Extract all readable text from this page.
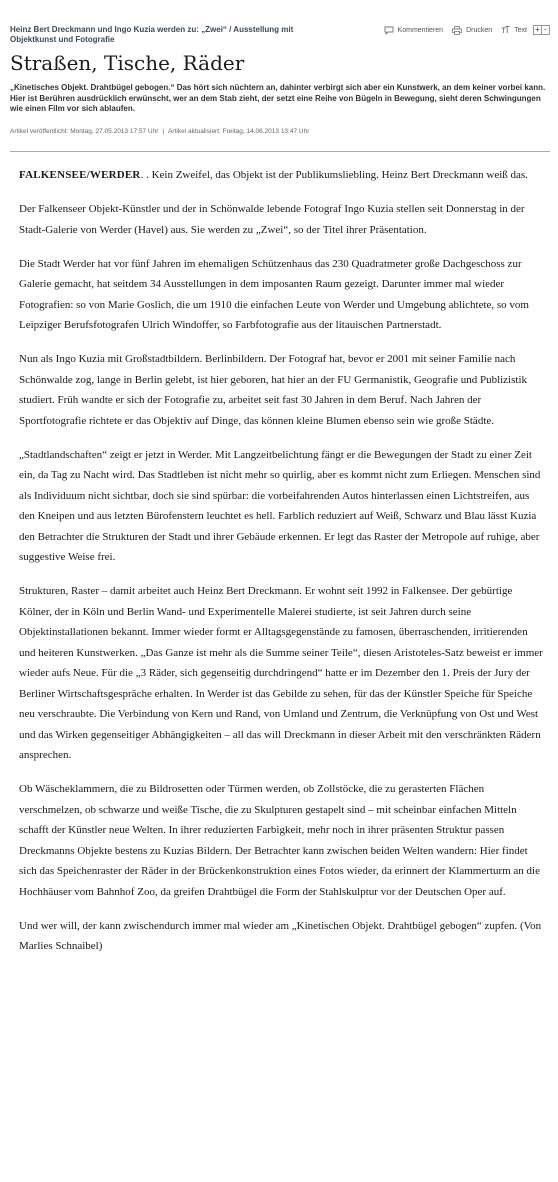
Heinz Bert Dreckmann und Ingo Kuzia werden zu: „Zwei“ / Ausstellung mit Objektkunst und Fotografie
Kommentieren	Drucken	Text + -
Straßen, Tische, Räder

„Kinetisches Objekt. Drahtbügel gebogen.“ Das hört sich nüchtern an, dahinter verbirgt sich aber ein Kunstwerk, an dem keiner vorbei kann. Hier ist Berühren ausdrücklich erwünscht, wer an dem Stab zieht, der setzt eine Reihe von Bügeln in Bewegung, sieht deren Schwingungen wie einen Film vor sich ablaufen.

Artikel veröffentlicht: Montag, 27.05.2013 17:57 Uhr | Artikel aktualisiert: Freitag, 14.06.2013 13:47 Uhr

FALKENSEE/WERDER. . Kein Zweifel, das Objekt ist der Publikumsliebling. Heinz Bert Dreckmann weiß das.

Der Falkenseer Objekt-Künstler und der in Schönwalde lebende Fotograf Ingo Kuzia stellen seit Donnerstag in der Stadt-Galerie von Werder (Havel) aus. Sie werden zu „Zwei“, so der Titel ihrer Präsentation.

Die Stadt Werder hat vor fünf Jahren im ehemaligen Schützenhaus das 230 Quadratmeter große Dachgeschoss zur Galerie gemacht, hat seitdem 34 Ausstellungen in dem imposanten Raum gezeigt. Darunter immer mal wieder Fotografien: so von Marie Goslich, die um 1910 die einfachen Leute von Werder und Umgebung ablichtete, so vom Leipziger Berufsfotografen Ulrich Windoffer, so Farbfotografie aus der litauischen Partnerstadt.

Nun als Ingo Kuzia mit Großstadtbildern. Berlinbildern. Der Fotograf hat, bevor er 2001 mit seiner Familie nach Schönwalde zog, lange in Berlin gelebt, ist hier geboren, hat hier an der FU Germanistik, Geografie und Publizistik studiert. Früh wandte er sich der Fotografie zu, arbeitet seit fast 30 Jahren in dem Beruf. Nach Jahren der Sportfotografie richtete er das Objektiv auf Dinge, das können kleine Blumen ebenso sein wie große Städte.

„Stadtlandschaften“ zeigt er jetzt in Werder. Mit Langzeitbelichtung fängt er die Bewegungen der Stadt zu einer Zeit ein, da Tag zu Nacht wird. Das Stadtleben ist nicht mehr so quirlig, aber es kommt nicht zum Erliegen. Menschen sind als Individuum nicht sichtbar, doch sie sind spürbar: die vorbeifahrenden Autos hinterlassen einen Lichtstreifen, aus den Kneipen und aus letzten Bürofenstern leuchtet es hell. Farblich reduziert auf Weiß, Schwarz und Blau lässt Kuzia den Betrachter die Strukturen der Stadt und ihrer Gebäude erkennen. Er legt das Raster der Metropole auf ruhige, aber suggestive Weise frei.

Strukturen, Raster – damit arbeitet auch Heinz Bert Dreckmann. Er wohnt seit 1992 in Falkensee. Der gebürtige Kölner, der in Köln und Berlin Wand- und Experimentelle Malerei studierte, ist seit Jahren durch seine Objektinstallationen bekannt. Immer wieder formt er Alltagsgegenstände zu famosen, überraschenden, irritierenden und heiteren Kunstwerken. „Das Ganze ist mehr als die Summe seiner Teile“, diesen Aristoteles-Satz beweist er immer wieder aufs Neue. Für die „3 Räder, sich gegenseitig durchdringend“ hatte er im Dezember den 1. Preis der Jury der Berliner Wirtschaftsgespräche erhalten. In Werder ist das Gebilde zu sehen, für das der Künstler Speiche für Speiche neu verschraubte. Die Verbindung von Kern und Rand, von Umland und Zentrum, die Verknüpfung von Ost und West und das Wirken gegenseitiger Abhängigkeiten – all das will Dreckmann in dieser Arbeit mit den verschränkten Rädern ansprechen.

Ob Wäscheklammern, die zu Bildrosetten oder Türmen werden, ob Zollstöcke, die zu gerasterten Flächen verschmelzen, ob schwarze und weiße Tische, die zu Skulpturen gestapelt sind – mit scheinbar einfachen Mitteln schafft der Künstler neue Welten. In ihrer reduzierten Farbigkeit, mehr noch in ihrer präsenten Struktur passen Dreckmanns Objekte bestens zu Kuzias Bildern. Der Betrachter kann zwischen beiden Welten wandern: Hier findet sich das Speichenraster der Räder in der Brückenkonstruktion eines Fotos wieder, da erinnert der Klammerturm an die Hochhäuser vom Bahnhof Zoo, da greifen Drahtbügel die Form der Stahlskulptur vor der Deutschen Oper auf.

Und wer will, der kann zwischendurch immer mal wieder am „Kinetischen Objekt. Drahtbügel gebogen“ zupfen. (Von Marlies Schnaibel)
